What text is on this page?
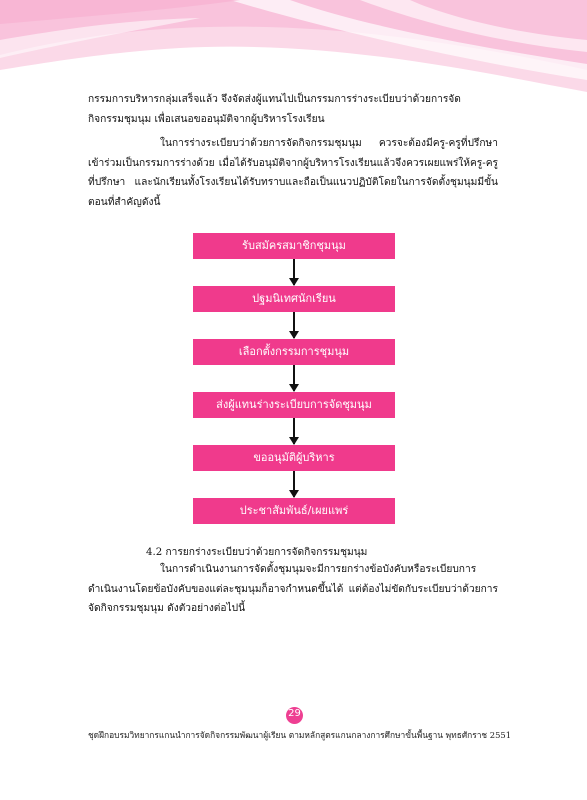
กรรมการบริหารกลุ่มเสร็จแล้ว จึงจัดส่งผู้แทนไปเป็นกรรมการร่างระเบียบว่าด้วยการจัด
กิจกรรมชุมนุม เพื่อเสนอขออนุมัติจากผู้บริหารโรงเรียน

ในการร่างระเบียบว่าด้วยการจัดกิจกรรมชุมนุม ควรจะต้องมีครู-ครูที่ปรึกษาเข้าร่วมเป็นกรรมการร่างด้วย เมื่อได้รับอนุมัติจากผู้บริหารโรงเรียนแล้วจึงควรเผยแพร่ให้ครู-ครูที่ปรึกษา และนักเรียนทั้งโรงเรียนได้รับทราบและถือเป็นแนวปฏิบัติโดยในการจัดตั้งชุมนุมมีขั้นตอนที่สำคัญดังนี้

รับสมัครสมาชิกชุมนุม
ปฐมนิเทศนักเรียน
เลือกตั้งกรรมการชุมนุม
ส่งผู้แทนร่างระเบียบการจัดชุมนุม
ขออนุมัติผู้บริหาร
ประชาสัมพันธ์/เผยแพร่
4.2 การยกร่างระเบียบว่าด้วยการจัดกิจกรรมชุมนุม

ในการดำเนินงานการจัดตั้งชุมนุมจะมีการยกร่างข้อบังคับหรือระเบียบการดำเนินงานโดยข้อบังคับของแต่ละชุมนุมก็อาจกำหนดขึ้นได้ แต่ต้องไม่ขัดกับระเบียบว่าด้วยการจัดกิจกรรมชุมนุม ดังตัวอย่างต่อไปนี้

29
ชุดฝึกอบรมวิทยากรแกนนำการจัดกิจกรรมพัฒนาผู้เรียน ตามหลักสูตรแกนกลางการศึกษาขั้นพื้นฐาน พุทธศักราช 2551
